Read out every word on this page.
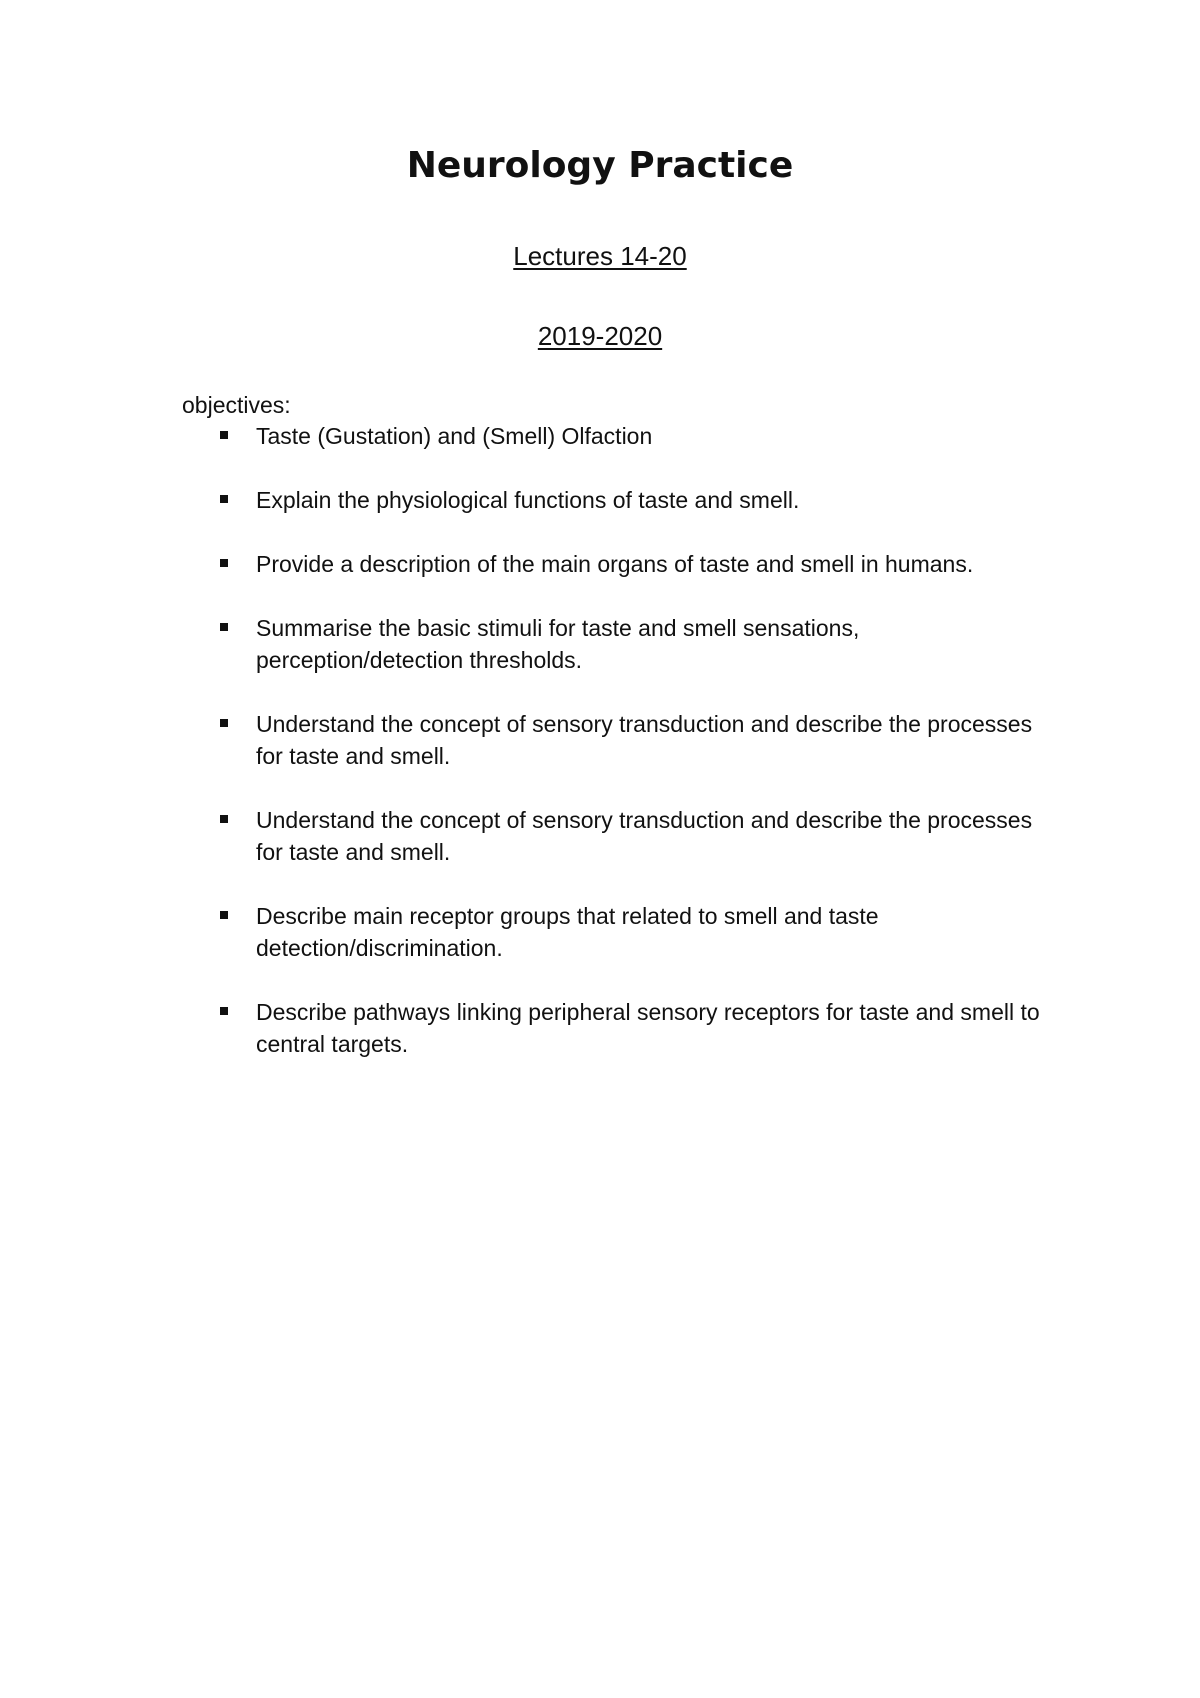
Neurology Practice

Lectures 14-20

2019-2020

objectives:

Taste (Gustation) and (Smell) Olfaction
Explain the physiological functions of taste and smell.
Provide a description of the main organs of taste and smell in humans.
Summarise the basic stimuli for taste and smell sensations, perception/detection thresholds.
Understand the concept of sensory transduction and describe the processes for taste and smell.
Understand the concept of sensory transduction and describe the processes for taste and smell.
Describe main receptor groups that related to smell and taste detection/discrimination.
Describe pathways linking peripheral sensory receptors for taste and smell to central targets.
